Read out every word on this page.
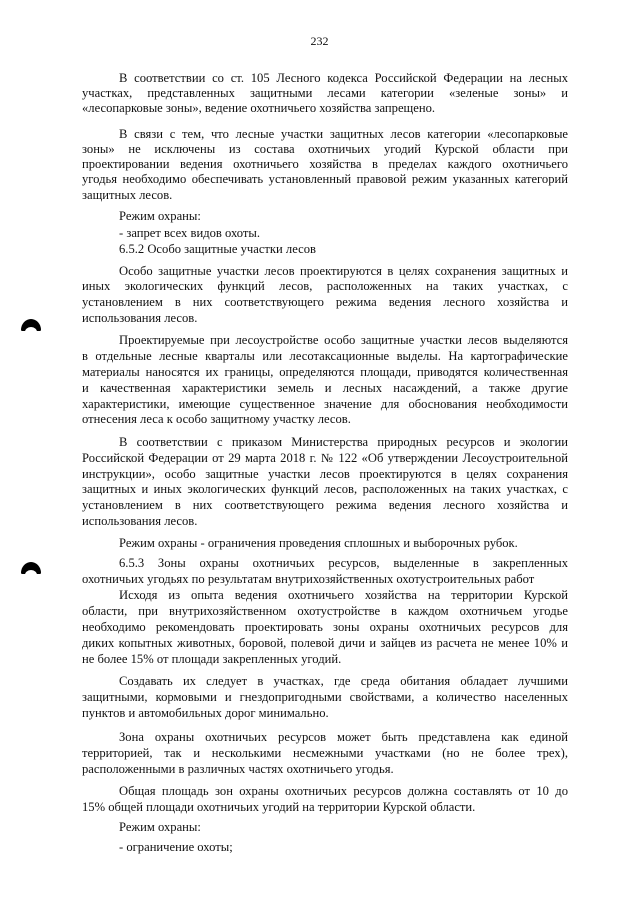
232
В соответствии со ст. 105 Лесного кодекса Российской Федерации на лесных
участках, представленных защитными лесами категории «зеленые зоны» и
«лесопарковые зоны», ведение охотничьего хозяйства запрещено.
В связи с тем, что лесные участки защитных лесов категории «лесопарковые
зоны» не исключены из состава охотничьих угодий Курской области при
проектировании ведения охотничьего хозяйства в пределах каждого охотничьего
угодья необходимо обеспечивать установленный правовой режим указанных категорий
защитных лесов.
Режим охраны:
- запрет всех видов охоты.
6.5.2 Особо защитные участки лесов
Особо защитные участки лесов проектируются в целях сохранения защитных и
иных экологических функций лесов, расположенных на таких участках, с
установлением в них соответствующего режима ведения лесного хозяйства и
использования лесов.
Проектируемые при лесоустройстве особо защитные участки лесов выделяются
в отдельные лесные кварталы или лесотаксационные выделы. На картографические
материалы наносятся их границы, определяются площади, приводятся количественная
и качественная характеристики земель и лесных насаждений, а также другие
характеристики, имеющие существенное значение для обоснования необходимости
отнесения леса к особо защитному участку лесов.
В соответствии с приказом Министерства природных ресурсов и экологии
Российской Федерации от 29 марта 2018 г. № 122 «Об утверждении Лесоустроительной
инструкции», особо защитные участки лесов проектируются в целях сохранения
защитных и иных экологических функций лесов, расположенных на таких участках, с
установлением в них соответствующего режима ведения лесного хозяйства и
использования лесов.
Режим охраны - ограничения проведения сплошных и выборочных рубок.
6.5.3 Зоны охраны охотничьих ресурсов, выделенные в закрепленных
охотничьих угодьях по результатам внутрихозяйственных охотустроительных работ
Исходя из опыта ведения охотничьего хозяйства на территории Курской
области, при внутрихозяйственном охотустройстве в каждом охотничьем угодье
необходимо рекомендовать проектировать зоны охраны охотничьих ресурсов для
диких копытных животных, боровой, полевой дичи и зайцев из расчета не менее 10% и
не более 15% от площади закрепленных угодий.
Создавать их следует в участках, где среда обитания обладает лучшими
защитными, кормовыми и гнездопригодными свойствами, а количество населенных
пунктов и автомобильных дорог минимально.
Зона охраны охотничьих ресурсов может быть представлена как единой
территорией, так и несколькими несмежными участками (но не более трех),
расположенными в различных частях охотничьего угодья.
Общая площадь зон охраны охотничьих ресурсов должна составлять от 10 до
15% общей площади охотничьих угодий на территории Курской области.
Режим охраны:
- ограничение охоты;
